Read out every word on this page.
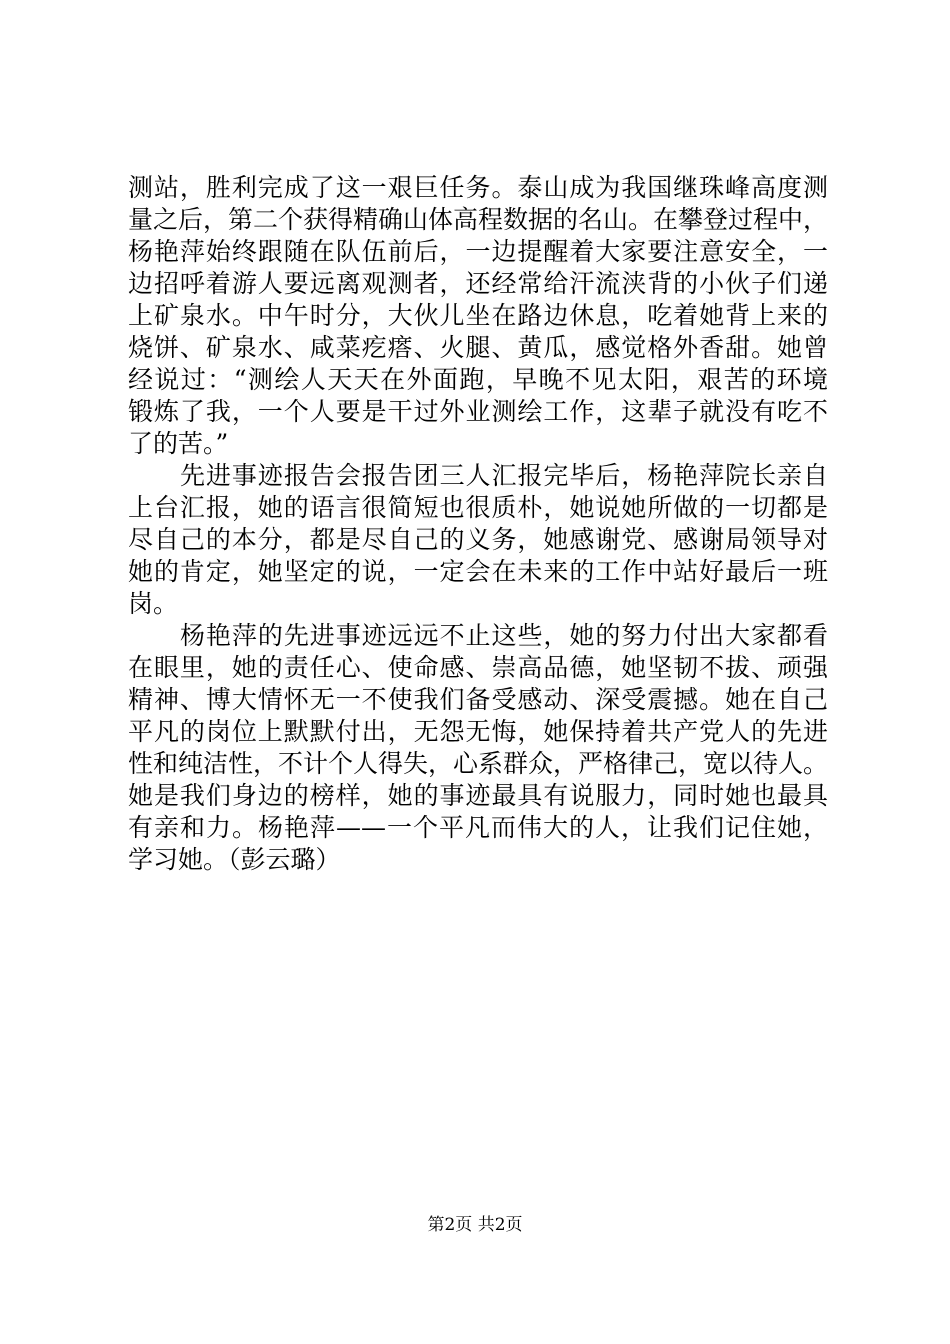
测站，胜利完成了这一艰巨任务。泰山成为我国继珠峰高度测
量之后，第二个获得精确山体高程数据的名山。在攀登过程中，
杨艳萍始终跟随在队伍前后，一边提醒着大家要注意安全，一
边招呼着游人要远离观测者，还经常给汗流浃背的小伙子们递
上矿泉水。中午时分，大伙儿坐在路边休息，吃着她背上来的
烧饼、矿泉水、咸菜疙瘩、火腿、黄瓜，感觉格外香甜。她曾
经说过：“测绘人天天在外面跑，早晚不见太阳，艰苦的环境
锻炼了我，一个人要是干过外业测绘工作，这辈子就没有吃不
了的苦。”
先进事迹报告会报告团三人汇报完毕后，杨艳萍院长亲自
上台汇报，她的语言很简短也很质朴，她说她所做的一切都是
尽自己的本分，都是尽自己的义务，她感谢党、感谢局领导对
她的肯定，她坚定的说，一定会在未来的工作中站好最后一班
岗。
杨艳萍的先进事迹远远不止这些，她的努力付出大家都看
在眼里，她的责任心、使命感、崇高品德，她坚韧不拔、顽强
精神、博大情怀无一不使我们备受感动、深受震撼。她在自己
平凡的岗位上默默付出，无怨无悔，她保持着共产党人的先进
性和纯洁性，不计个人得失，心系群众，严格律己，宽以待人。
她是我们身边的榜样，她的事迹最具有说服力，同时她也最具
有亲和力。杨艳萍——一个平凡而伟大的人，让我们记住她，
学习她。（彭云璐）
第2页 共2页
